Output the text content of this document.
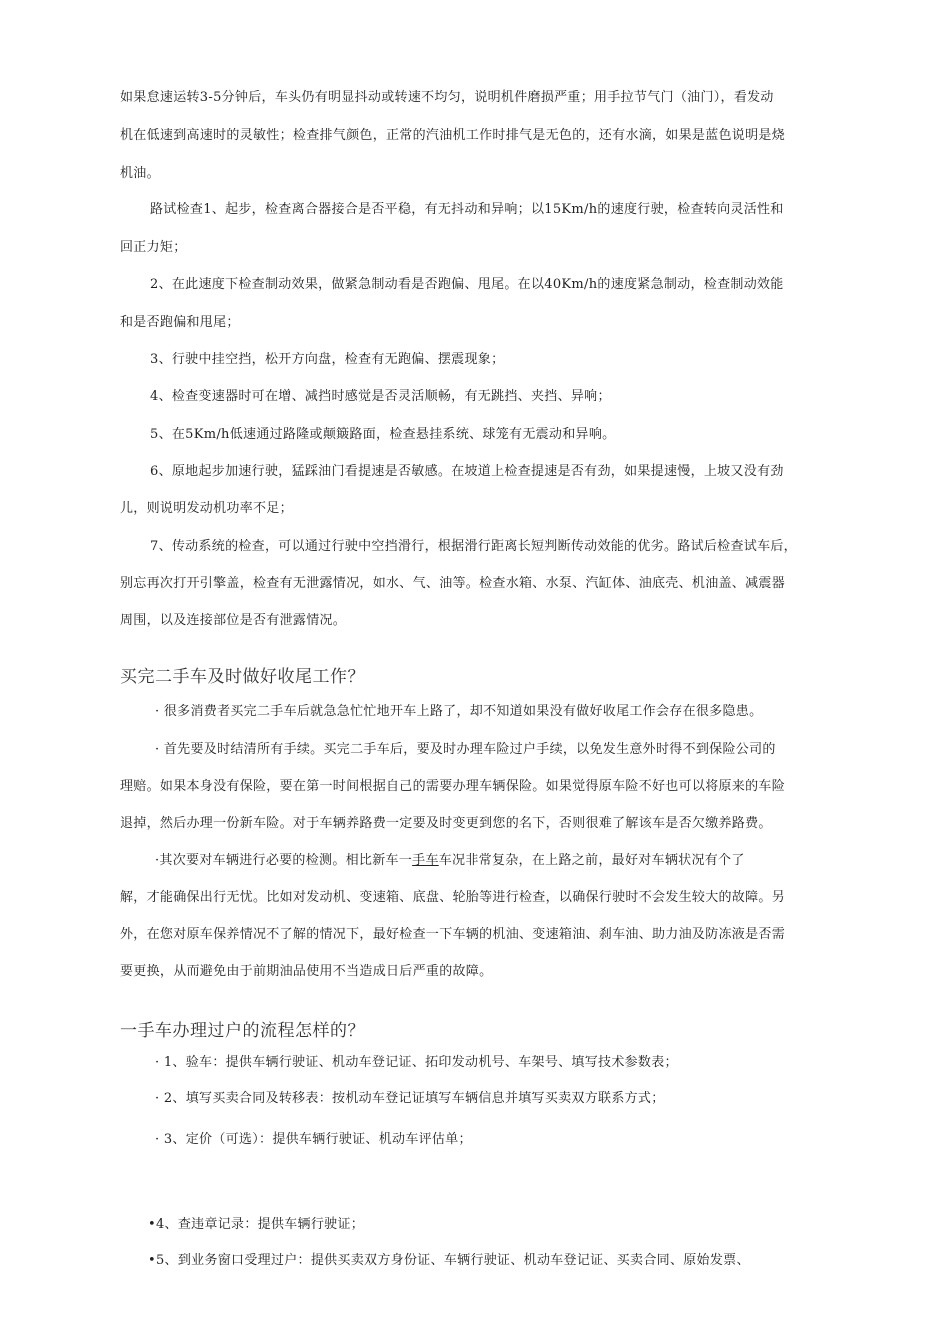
如果怠速运转3-5分钟后，车头仍有明显抖动或转速不均匀，说明机件磨损严重；用手拉节气门（油门），看发动
机在低速到高速时的灵敏性；检查排气颜色，正常的汽油机工作时排气是无色的，还有水滴，如果是蓝色说明是烧
机油。
路试检查1、起步，检查离合器接合是否平稳，有无抖动和异响；以15Km/h的速度行驶，检查转向灵活性和
回正力矩；
2、在此速度下检查制动效果，做紧急制动看是否跑偏、甩尾。在以40Km/h的速度紧急制动，检查制动效能
和是否跑偏和甩尾；
3、行驶中挂空挡，松开方向盘，检查有无跑偏、摆震现象；
4、检查变速器时可在增、减挡时感觉是否灵活顺畅，有无跳挡、夹挡、异响；
5、在5Km/h低速通过路隆或颠簸路面，检查悬挂系统、球笼有无震动和异响。
6、原地起步加速行驶，猛踩油门看提速是否敏感。在坡道上检查提速是否有劲，如果提速慢，上坡又没有劲
儿，则说明发动机功率不足；
7、传动系统的检查，可以通过行驶中空挡滑行，根据滑行距离长短判断传动效能的优劣。路试后检查试车后，
别忘再次打开引擎盖，检查有无泄露情况，如水、气、油等。检查水箱、水泵、汽缸体、油底壳、机油盖、减震器
周围，以及连接部位是否有泄露情况。
买完二手车及时做好收尾工作？
· 很多消费者买完二手车后就急急忙忙地开车上路了，却不知道如果没有做好收尾工作会存在很多隐患。
· 首先要及时结清所有手续。买完二手车后，要及时办理车险过户手续，以免发生意外时得不到保险公司的
理赔。如果本身没有保险，要在第一时间根据自己的需要办理车辆保险。如果觉得原车险不好也可以将原来的车险
退掉，然后办理一份新车险。对于车辆养路费一定要及时变更到您的名下，否则很难了解该车是否欠缴养路费。
·其次要对车辆进行必要的检测。相比新车一手车车况非常复杂，在上路之前，最好对车辆状况有个了
解，才能确保出行无忧。比如对发动机、变速箱、底盘、轮胎等进行检查，以确保行驶时不会发生较大的故障。另
外，在您对原车保养情况不了解的情况下，最好检查一下车辆的机油、变速箱油、刹车油、助力油及防冻液是否需
要更换，从而避免由于前期油品使用不当造成日后严重的故障。
一手车办理过户的流程怎样的？
· 1、验车：提供车辆行驶证、机动车登记证、拓印发动机号、车架号、填写技术参数表；
· 2、填写买卖合同及转移表：按机动车登记证填写车辆信息并填写买卖双方联系方式；
· 3、定价（可选）：提供车辆行驶证、机动车评估单；
•4、查违章记录：提供车辆行驶证；
•5、到业务窗口受理过户：提供买卖双方身份证、车辆行驶证、机动车登记证、买卖合同、原始发票、
